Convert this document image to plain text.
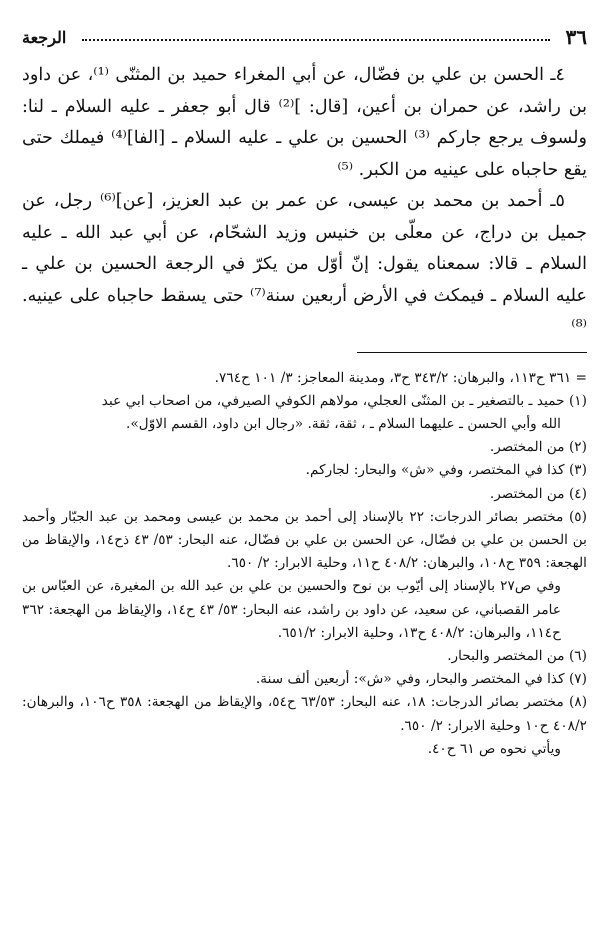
٣٦
الرجعة

٤ـ الحسن بن علي بن فضّال، عن أبي المغراء حميد بن المثنّى ⁽¹⁾، عن داود بن راشد، عن حمران بن أعين، [قال: ]⁽²⁾ قال أبو جعفر ـ عليه السلام ـ لنا: ولسوف يرجع جاركم ⁽³⁾ الحسين بن علي ـ عليه السلام ـ [الفا]⁽⁴⁾ فيملك حتى يقع حاجباه على عينيه من الكبر. ⁽⁵⁾

٥ـ أحمد بن محمد بن عيسى، عن عمر بن عبد العزيز، [عن]⁽⁶⁾ رجل، عن جميل بن دراج، عن معلّى بن خنيس وزيد الشحّام، عن أبي عبد الله ـ عليه السلام ـ قالا: سمعناه يقول: إنّ أوّل من يكرّ في الرجعة الحسين بن علي ـ عليه السلام ـ فيمكث في الأرض أربعين سنة⁽⁷⁾ حتى يسقط حاجباه على عينيه. ⁽⁸⁾

= ٣٦١ ح١١٣، والبرهان: ٣٤٣/٢ ح٣، ومدينة المعاجز: ٣/ ١٠١ ح٧٦٤.

(١) حميد ـ بالتصغير ـ بن المثنّى العجلي، مولاهم الكوفي الصيرفي، من اصحاب ابي عبد

الله وأبي الحسن ـ عليهما السلام ـ ، ثقة، ثقة. «رجال ابن داود، القسم الاوّل».

(٢) من المختصر.

(٣) كذا في المختصر، وفي «ش» والبحار: لجاركم.

(٤) من المختصر.

(٥) مختصر بصائر الدرجات: ٢٢ بالإسناد إلى أحمد بن محمد بن عيسى ومحمد بن عبد الجبّار وأحمد بن الحسن بن علي بن فضّال، عن الحسن بن علي بن فضّال، عنه البحار: ٥٣/ ٤٣ ذح١٤، والإيقاظ من الهجعة: ٣٥٩ ح١٠٨، والبرهان: ٤٠٨/٢ ح١١، وحلية الابرار: ٢/ ٦٥٠.

وفي ص٢٧ بالإسناد إلى أيّوب بن نوح والحسين بن علي بن عبد الله بن المغيرة، عن العبّاس بن عامر القصباني، عن سعيد، عن داود بن راشد، عنه البحار: ٥٣/ ٤٣ ح١٤، والإيقاظ من الهجعة: ٣٦٢ ح١١٤، والبرهان: ٤٠٨/٢ ح١٣، وحلية الابرار: ٦٥١/٢.

(٦) من المختصر والبحار.

(٧) كذا في المختصر والبحار، وفي «ش»: أربعين ألف سنة.

(٨) مختصر بصائر الدرجات: ١٨، عنه البحار: ٦٣/٥٣ ح٥٤، والإيقاظ من الهجعة: ٣٥٨ ح١٠٦، والبرهان: ٤٠٨/٢ ح١٠ وحلية الابرار: ٢/ ٦٥٠.

ويأتي نحوه ص ٦١ ح٤٠.
